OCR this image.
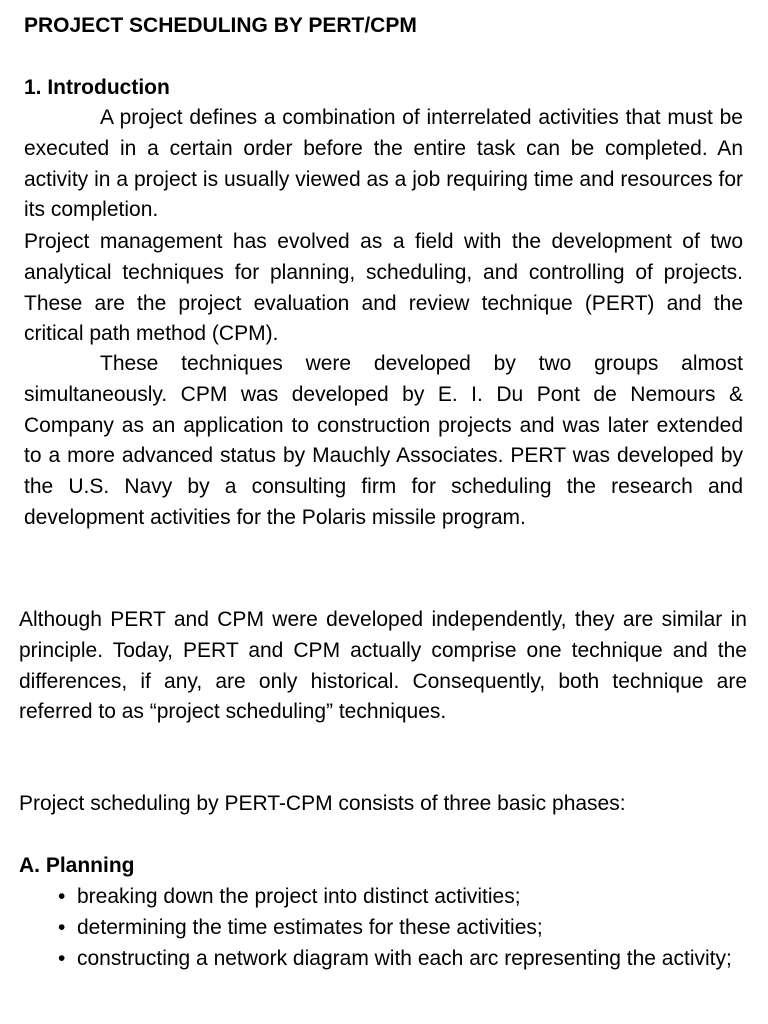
PROJECT SCHEDULING BY PERT/CPM
1. Introduction

A project defines a combination of interrelated activities that must be executed in a certain order before the entire task can be completed. An activity in a project is usually viewed as a job requiring time and resources for its completion.

Project management has evolved as a field with the development of two analytical techniques for planning, scheduling, and controlling of projects. These are the project evaluation and review technique (PERT) and the critical path method (CPM).

These techniques were developed by two groups almost simultaneously. CPM was developed by E. I. Du Pont de Nemours & Company as an application to construction projects and was later extended to a more advanced status by Mauchly Associates. PERT was developed by the U.S. Navy by a consulting firm for scheduling the research and development activities for the Polaris missile program.

Although PERT and CPM were developed independently, they are similar in principle. Today, PERT and CPM actually comprise one technique and the differences, if any, are only historical. Consequently, both technique are referred to as “project scheduling” techniques.

Project scheduling by PERT-CPM consists of three basic phases:

A. Planning
• breaking down the project into distinct activities;
• determining the time estimates for these activities;
• constructing a network diagram with each arc representing the activity;
